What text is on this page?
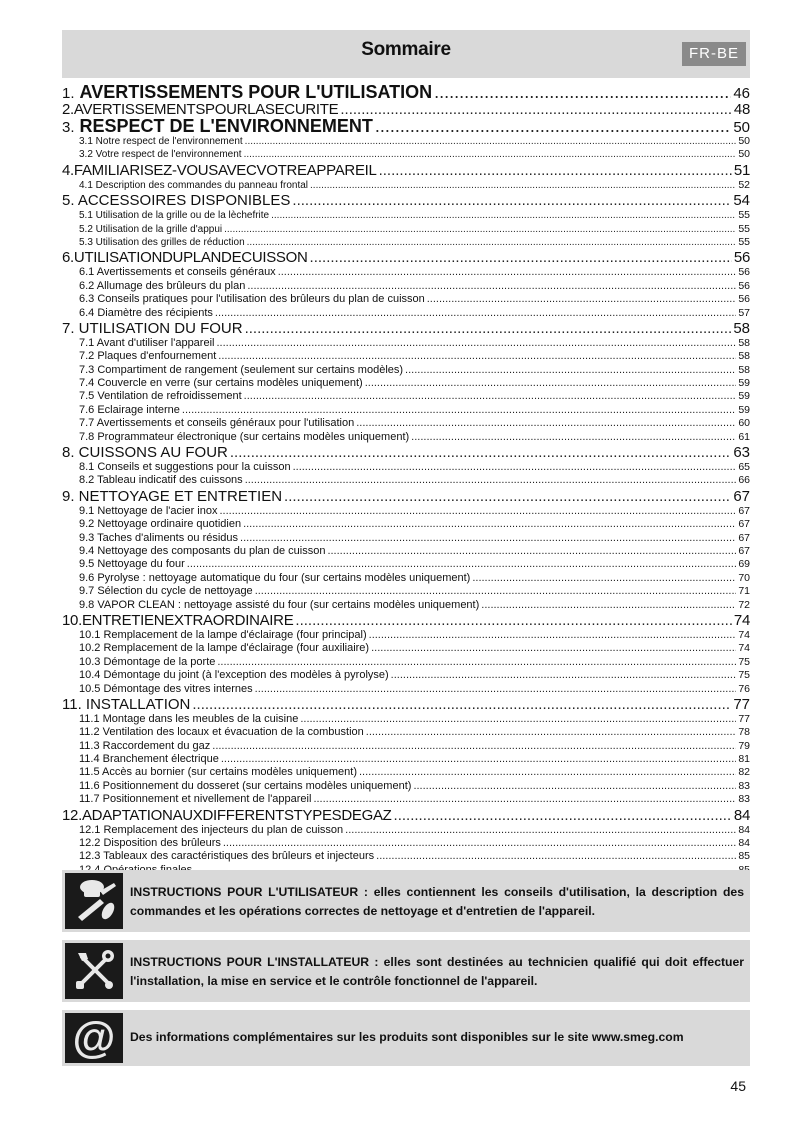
Sommaire	FR-BE
1. AVERTISSEMENTS POUR L'UTILISATION .....	46
2.AVERTISSEMENTSPOURLASECURITE .....	48
3. RESPECT DE L'ENVIRONNEMENT .....	50
3.1 Notre respect de l'environnement .....	50
3.2 Votre respect de l'environnement .....	50
4.FAMILIARISEZ-VOUSAVECVOTREAPPAREIL .....	51
4.1 Description des commandes du panneau frontal .....	52
5. ACCESSOIRES DISPONIBLES .....	54
5.1 Utilisation de la grille ou de la lèchefrite .....	55
5.2 Utilisation de la grille d'appui .....	55
5.3 Utilisation des grilles de réduction .....	55
6.UTILISATIONDUPLANDECUISSON .....	56
6.1 Avertissements et conseils généraux .....	56
6.2 Allumage des brûleurs du plan .....	56
6.3 Conseils pratiques pour l'utilisation des brûleurs du plan de cuisson .....	56
6.4 Diamètre des récipients .....	57
7. UTILISATION DU FOUR .....	58
7.1 Avant d'utiliser l'appareil .....	58
7.2 Plaques d'enfournement .....	58
7.3 Compartiment de rangement (seulement sur certains modèles) .....	58
7.4 Couvercle en verre (sur certains modèles uniquement) .....	59
7.5 Ventilation de refroidissement .....	59
7.6 Eclairage interne .....	59
7.7 Avertissements et conseils généraux pour l'utilisation .....	60
7.8 Programmateur électronique (sur certains modèles uniquement) .....	61
8. CUISSONS AU FOUR .....	63
8.1 Conseils et suggestions pour la cuisson .....	65
8.2 Tableau indicatif des cuissons .....	66
9. NETTOYAGE ET ENTRETIEN .....	67
9.1 Nettoyage de l'acier inox .....	67
9.2 Nettoyage ordinaire quotidien .....	67
9.3 Taches d'aliments ou résidus .....	67
9.4 Nettoyage des composants du plan de cuisson .....	67
9.5 Nettoyage du four .....	69
9.6 Pyrolyse : nettoyage automatique du four (sur certains modèles uniquement) .....	70
9.7 Sélection du cycle de nettoyage .....	71
9.8 VAPOR CLEAN : nettoyage assisté du four (sur certains modèles uniquement) .....	72
10.ENTRETIENEXTRAORDINAIRE .....	74
10.1 Remplacement de la lampe d'éclairage (four principal) .....	74
10.2 Remplacement de la lampe d'éclairage (four auxiliaire) .....	74
10.3 Démontage de la porte .....	75
10.4 Démontage du joint (à l'exception des modèles à pyrolyse) .....	75
10.5 Démontage des vitres internes .....	76
11. INSTALLATION .....	77
11.1 Montage dans les meubles de la cuisine .....	77
11.2 Ventilation des locaux et évacuation de la combustion .....	78
11.3 Raccordement du gaz .....	79
11.4 Branchement électrique .....	81
11.5 Accès au bornier (sur certains modèles uniquement) .....	82
11.6 Positionnement du dosseret (sur certains modèles uniquement) .....	83
11.7 Positionnement et nivellement de l'appareil .....	83
12.ADAPTATIONAUXDIFFERENTSTYPESDEGAZ .....	84
12.1 Remplacement des injecteurs du plan de cuisson .....	84
12.2 Disposition des brûleurs .....	84
12.3 Tableaux des caractéristiques des brûleurs et injecteurs .....	85
.....
INSTRUCTIONS POUR L'UTILISATEUR : elles contiennent les conseils d'utilisation, la description des commandes et les opérations correctes de nettoyage et d'entretien de l'appareil.
INSTRUCTIONS POUR L'INSTALLATEUR : elles sont destinées au technicien qualifié qui doit effectuer l'installation, la mise en service et le contrôle fonctionnel de l'appareil.
@ Des informations complémentaires sur les produits sont disponibles sur le site www.smeg.com
45
